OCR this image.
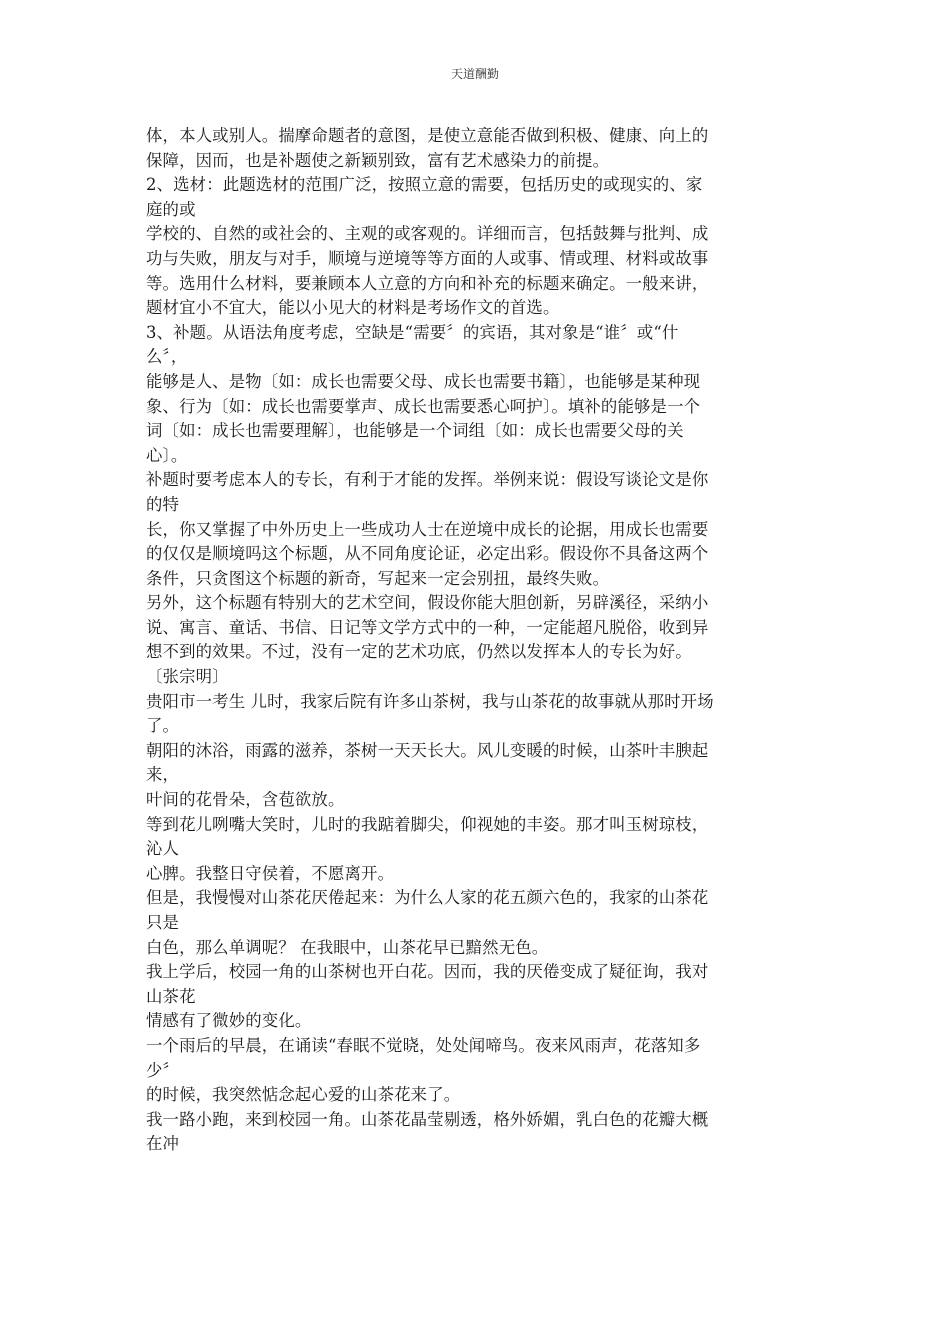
天道酬勤
体，本人或别人。揣摩命题者的意图，是使立意能否做到积极、健康、向上的
保障，因而，也是补题使之新颖别致，富有艺术感染力的前提。
2、选材：此题选材的范围广泛，按照立意的需要，包括历史的或现实的、家
庭的或
学校的、自然的或社会的、主观的或客观的。详细而言，包括鼓舞与批判、成
功与失败，朋友与对手，顺境与逆境等等方面的人或事、情或理、材料或故事
等。选用什么材料，要兼顾本人立意的方向和补充的标题来确定。一般来讲，
题材宜小不宜大，能以小见大的材料是考场作文的首选。
3、补题。从语法角度考虑，空缺是“需要〞的宾语，其对象是“谁〞或“什
么〞，
能够是人、是物〔如：成长也需要父母、成长也需要书籍〕，也能够是某种现
象、行为〔如：成长也需要掌声、成长也需要悉心呵护〕。填补的能够是一个
词〔如：成长也需要理解〕，也能够是一个词组〔如：成长也需要父母的关
心〕。
补题时要考虑本人的专长，有利于才能的发挥。举例来说：假设写谈论文是你
的特
长，你又掌握了中外历史上一些成功人士在逆境中成长的论据，用成长也需要
的仅仅是顺境吗这个标题，从不同角度论证，必定出彩。假设你不具备这两个
条件，只贪图这个标题的新奇，写起来一定会别扭，最终失败。
另外，这个标题有特别大的艺术空间，假设你能大胆创新，另辟溪径，采纳小
说、寓言、童话、书信、日记等文学方式中的一种，一定能超凡脱俗，收到异
想不到的效果。不过，没有一定的艺术功底，仍然以发挥本人的专长为好。
〔张宗明〕
贵阳市一考生 儿时，我家后院有许多山茶树，我与山茶花的故事就从那时开场
了。
朝阳的沐浴，雨露的滋养，茶树一天天长大。风儿变暖的时候，山茶叶丰腴起
来，
叶间的花骨朵，含苞欲放。
等到花儿咧嘴大笑时，儿时的我踮着脚尖，仰视她的丰姿。那才叫玉树琼枝，
沁人
心脾。我整日守侯着，不愿离开。
但是，我慢慢对山茶花厌倦起来：为什么人家的花五颜六色的，我家的山茶花
只是
白色，那么单调呢？ 在我眼中，山茶花早已黯然无色。
我上学后，校园一角的山茶树也开白花。因而，我的厌倦变成了疑征询，我对
山茶花
情感有了微妙的变化。
一个雨后的早晨，在诵读“春眠不觉晓，处处闻啼鸟。夜来风雨声，花落知多
少〞
的时候，我突然惦念起心爱的山茶花来了。
我一路小跑，来到校园一角。山茶花晶莹剔透，格外娇媚，乳白色的花瓣大概
在冲
